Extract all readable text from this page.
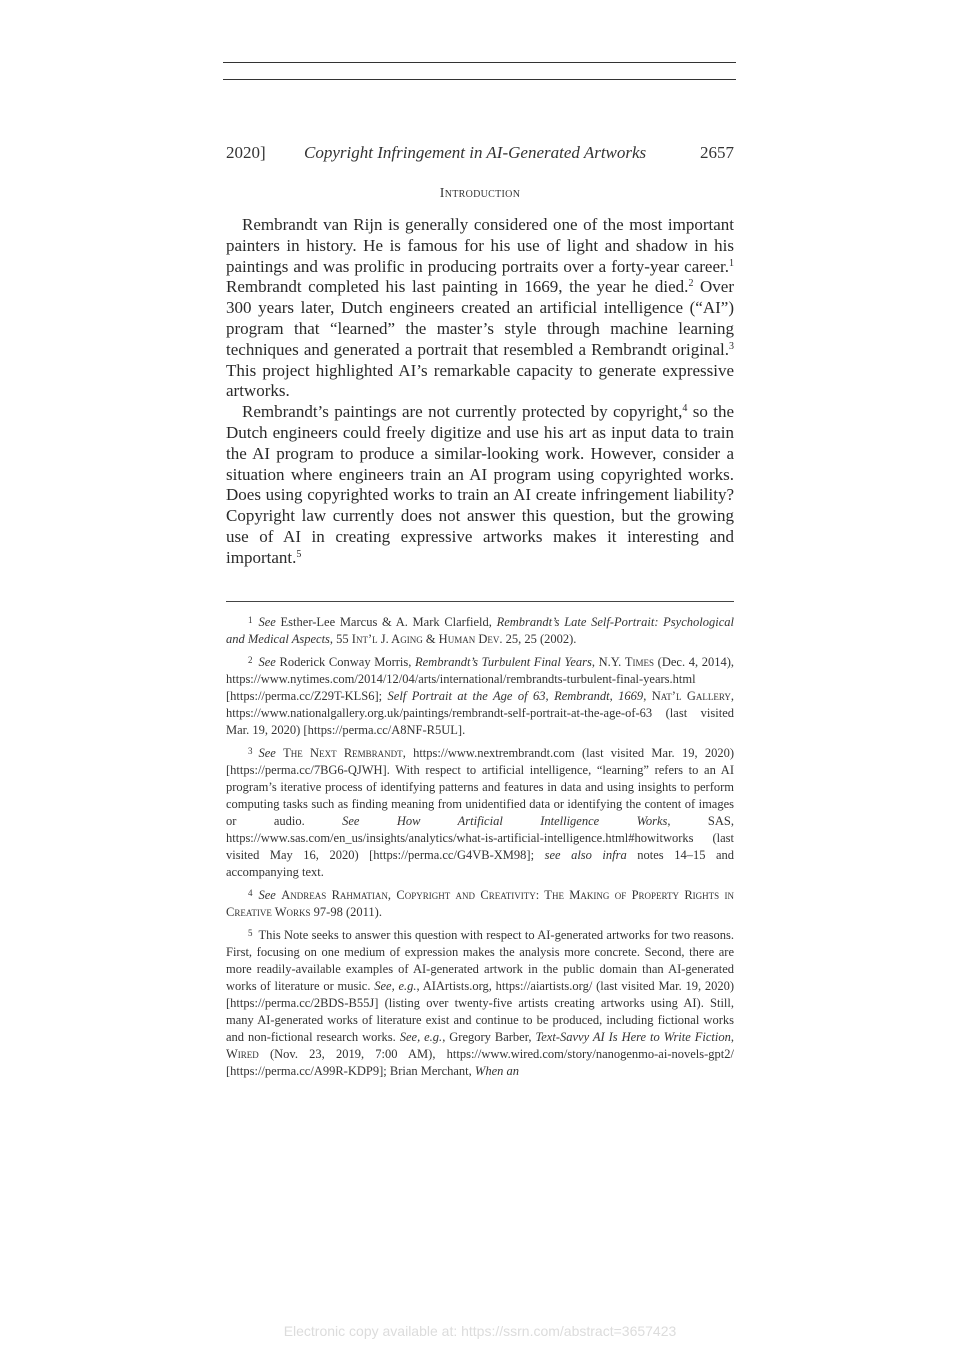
2020] Copyright Infringement in AI-Generated Artworks	2657
Introduction

Rembrandt van Rijn is generally considered one of the most important painters in history. He is famous for his use of light and shadow in his paintings and was prolific in producing portraits over a forty-year career.$^1$ Rembrandt completed his last painting in 1669, the year he died.$^2$ Over 300 years later, Dutch engineers created an artificial intelligence (“AI”) program that “learned” the master’s style through machine learning techniques and generated a portrait that resembled a Rembrandt original.$^3$ This project highlighted AI’s remarkable capacity to generate expressive artworks.

Rembrandt’s paintings are not currently protected by copyright,$^4$ so the Dutch engineers could freely digitize and use his art as input data to train the AI program to produce a similar-looking work. However, consider a situation where engineers train an AI program using copyrighted works. Does using copyrighted works to train an AI create infringement liability? Copyright law currently does not answer this question, but the growing use of AI in creating expressive artworks makes it interesting and important.$^5$

$^1$ See Esther-Lee Marcus & A. Mark Clarfield, Rembrandt’s Late Self-Portrait: Psychological and Medical Aspects, 55 Int’l J. Aging & Human Dev. 25, 25 (2002).

$^2$ See Roderick Conway Morris, Rembrandt’s Turbulent Final Years, N.Y. Times (Dec. 4, 2014), https://www.nytimes.com/2014/12/04/arts/international/rembrandts-turbulent-final-years.html [https://perma.cc/Z29T-KLS6]; Self Portrait at the Age of 63, Rembrandt, 1669, Nat’l Gallery, https://www.nationalgallery.org.uk/paintings/rembrandt-self-portrait-at-the-age-of-63 (last visited Mar. 19, 2020) [https://perma.cc/A8NF-R5UL].

$^3$ See The Next Rembrandt, https://www.nextrembrandt.com (last visited Mar. 19, 2020) [https://perma.cc/7BG6-QJWH]. With respect to artificial intelligence, “learning” refers to an AI program’s iterative process of identifying patterns and features in data and using insights to perform computing tasks such as finding meaning from unidentified data or identifying the content of images or audio. See How Artificial Intelligence Works, SAS, https://www.sas.com/en_us/insights/analytics/what-is-artificial-intelligence.html#howitworks (last visited May 16, 2020) [https://perma.cc/G4VB-XM98]; see also infra notes 14–15 and accompanying text.

$^4$ See Andreas Rahmatian, Copyright and Creativity: The Making of Property Rights in Creative Works 97-98 (2011).

$^5$ This Note seeks to answer this question with respect to AI-generated artworks for two reasons. First, focusing on one medium of expression makes the analysis more concrete. Second, there are more readily-available examples of AI-generated artwork in the public domain than AI-generated works of literature or music. See, e.g., AIArtists.org, https://aiartists.org/ (last visited Mar. 19, 2020) [https://perma.cc/2BDS-B55J] (listing over twenty-five artists creating artworks using AI). Still, many AI-generated works of literature exist and continue to be produced, including fictional works and non-fictional research works. See, e.g., Gregory Barber, Text-Savvy AI Is Here to Write Fiction, Wired (Nov. 23, 2019, 7:00 AM), https://www.wired.com/story/nanogenmo-ai-novels-gpt2/ [https://perma.cc/A99R-KDP9]; Brian Merchant, When an

Electronic copy available at: https://ssrn.com/abstract=3657423
